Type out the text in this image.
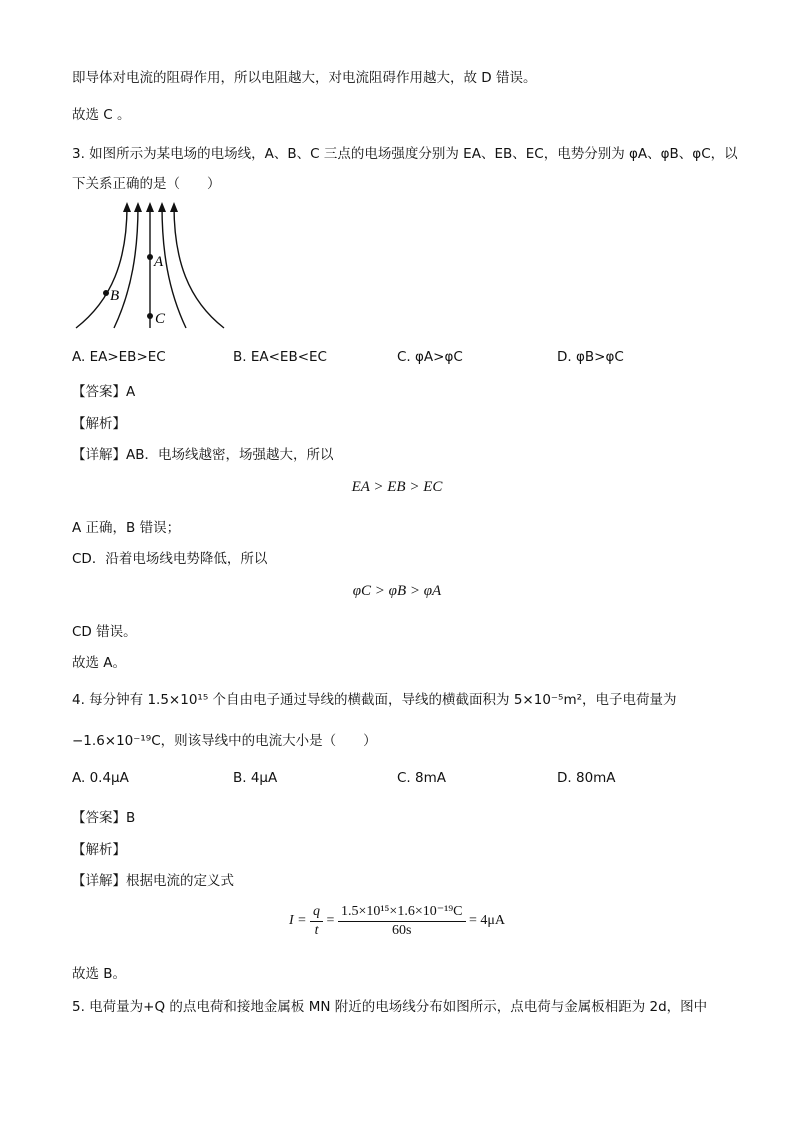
即导体对电流的阻碍作用，所以电阻越大，对电流阻碍作用越大，故 D 错误。
故选 C 。
3. 如图所示为某电场的电场线，A、B、C 三点的电场强度分别为 EA、EB、EC，电势分别为 φA、φB、φC，以
下关系正确的是（　　）
A
B
C
A. EA>EB>EC	B. EA<EB<EC	C. φA>φC	D. φB>φC
【答案】A
【解析】
【详解】AB．电场线越密，场强越大，所以
EA > EB > EC
A 正确，B 错误；
CD．沿着电场线电势降低，所以
φC > φB > φA
CD 错误。
故选 A。
4. 每分钟有 1.5×10¹⁵ 个自由电子通过导线的横截面，导线的横截面积为 5×10⁻⁵m²，电子电荷量为
−1.6×10⁻¹⁹C，则该导线中的电流大小是（　　）
A. 0.4μA	B. 4μA	C. 8mA	D. 80mA
【答案】B
【解析】
【详解】根据电流的定义式
$I = \frac{q}{t} = \frac{\text{1.5×10¹⁵×1.6×10⁻¹⁹C}}{60s} = 4\mu A$
故选 B。
5. 电荷量为+Q 的点电荷和接地金属板 MN 附近的电场线分布如图所示，点电荷与金属板相距为 2d，图中
